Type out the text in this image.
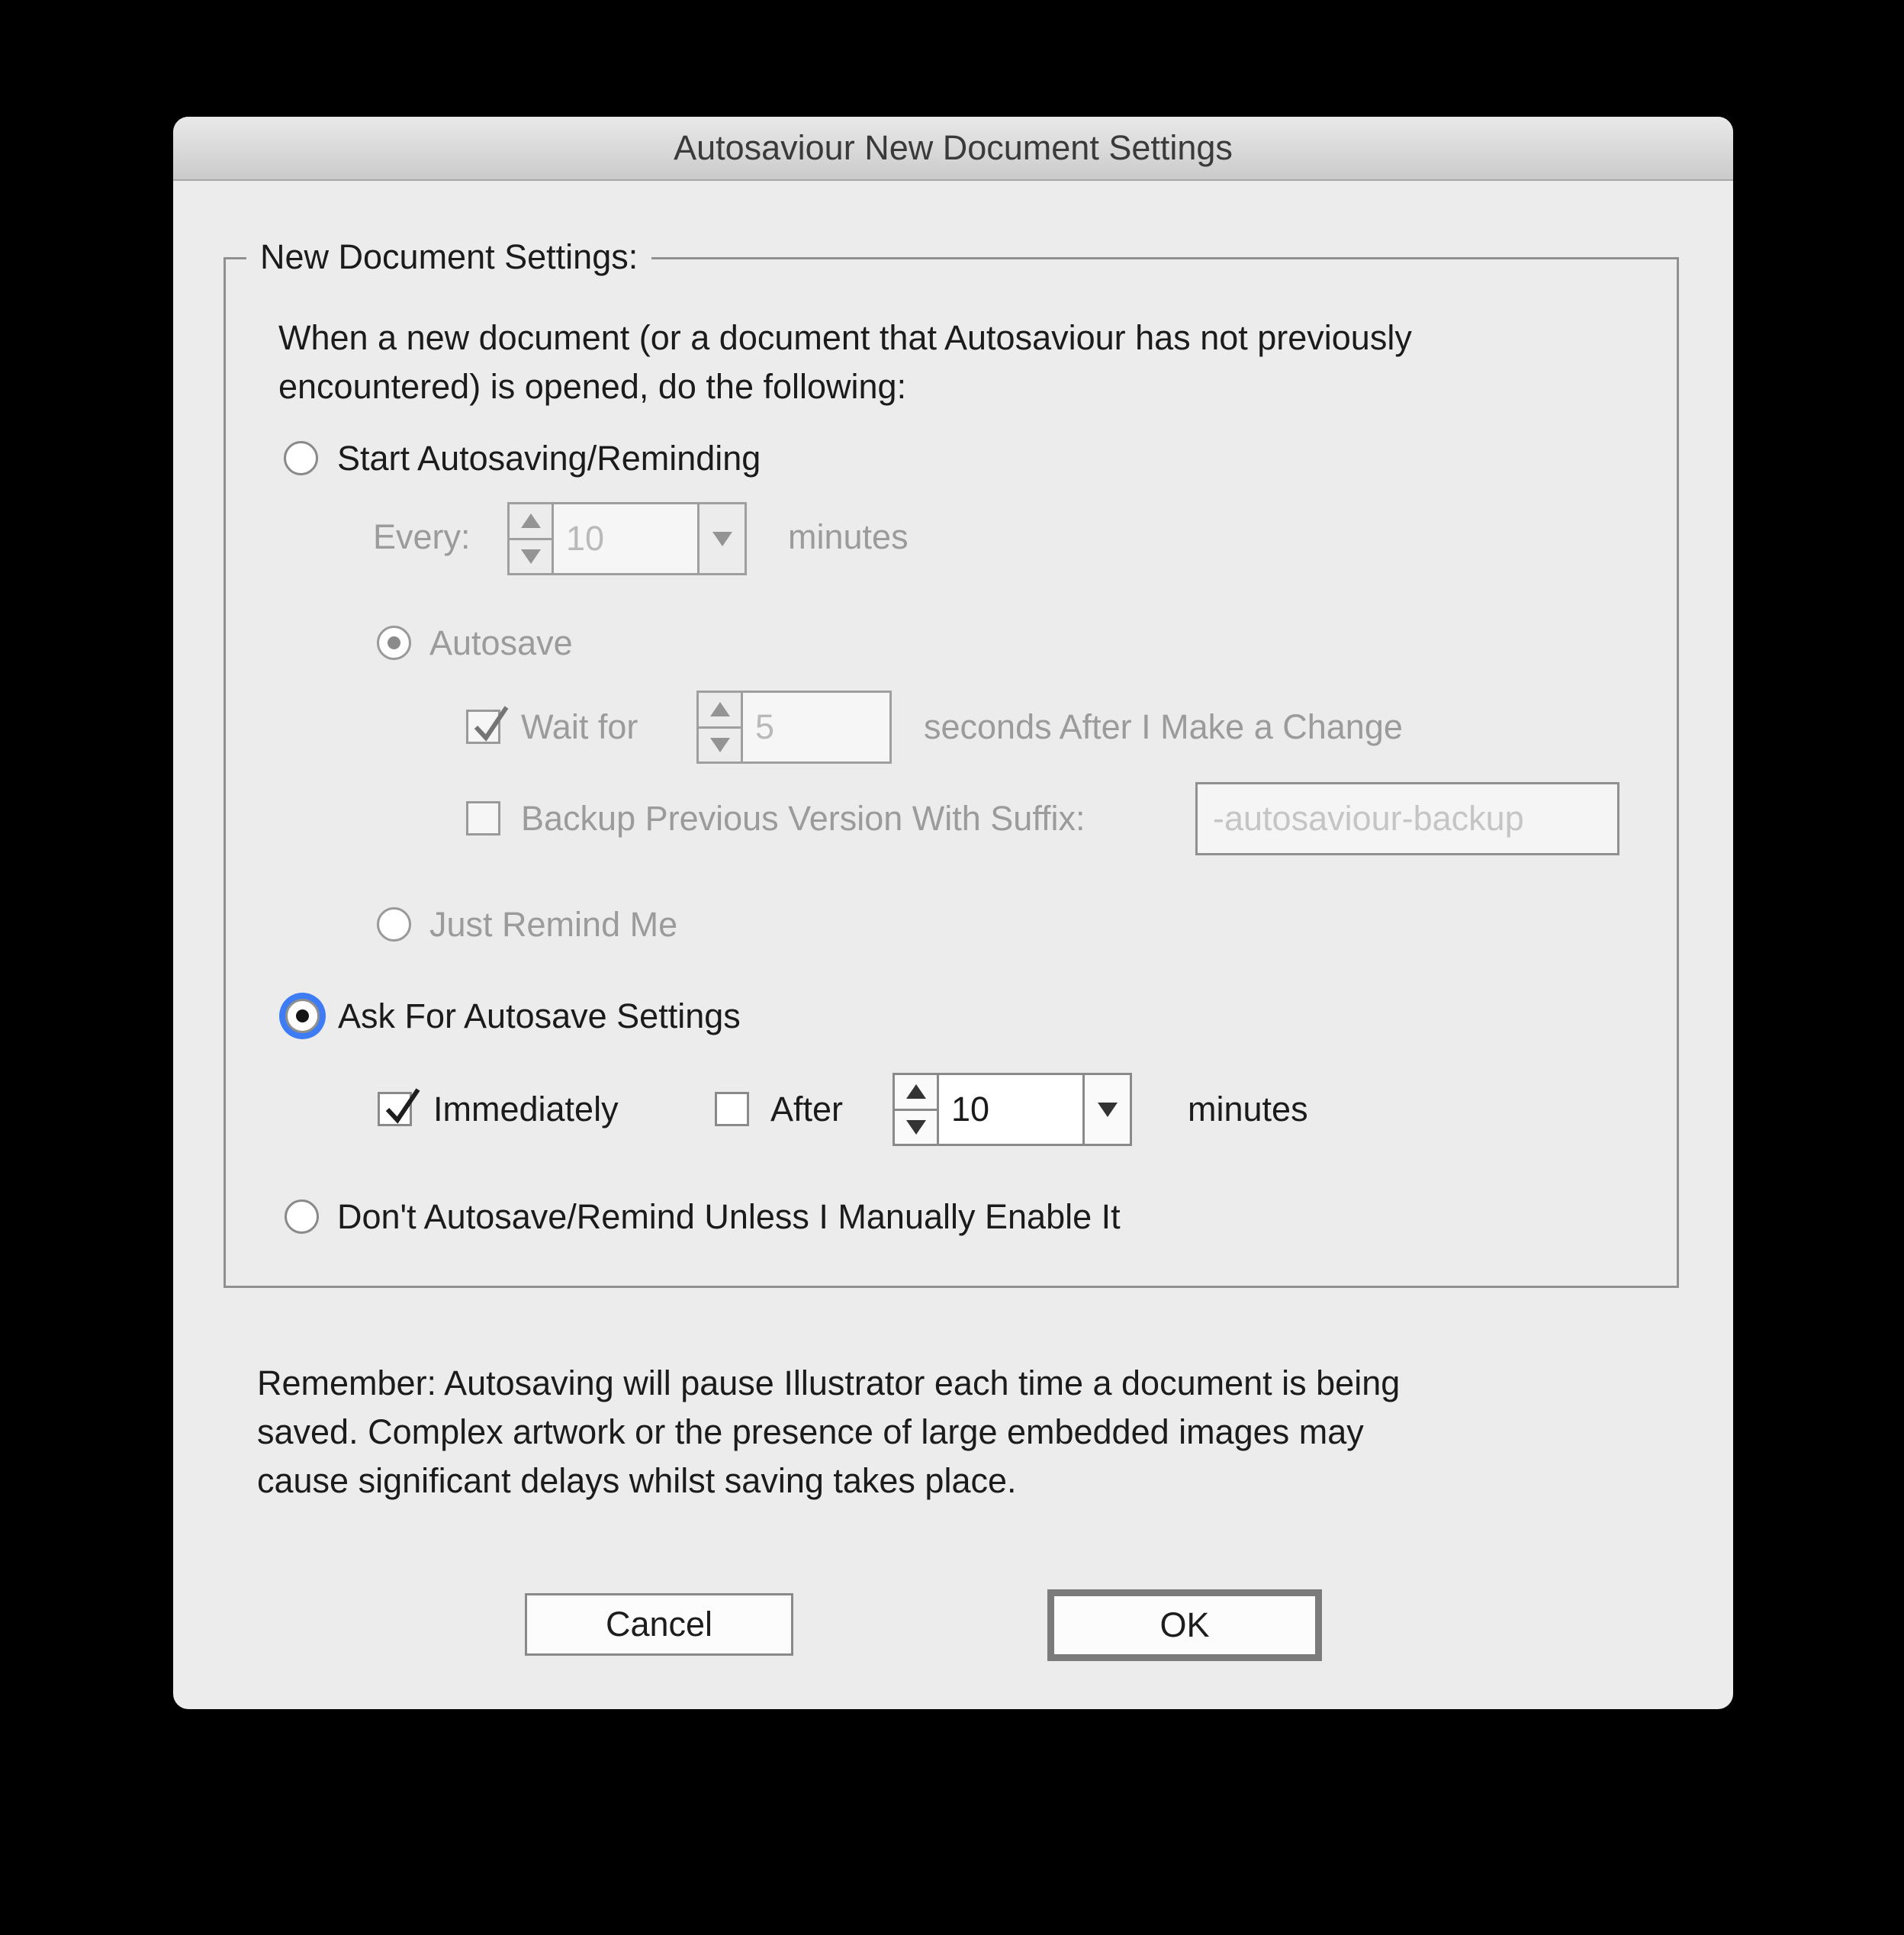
Autosaviour New Document Settings
New Document Settings:
When a new document (or a document that Autosaviour has not previously
encountered) is opened, do the following:
Start Autosaving/Reminding
Every:
10	minutes
Autosave
Wait for
5	seconds After I Make a Change
Backup Previous Version With Suffix:
-autosaviour-backup
Just Remind Me
Ask For Autosave Settings
Immediately	After
10	minutes
Don't Autosave/Remind Unless I Manually Enable It
Remember: Autosaving will pause Illustrator each time a document is being
saved. Complex artwork or the presence of large embedded images may
cause significant delays whilst saving takes place.
Cancel	OK
